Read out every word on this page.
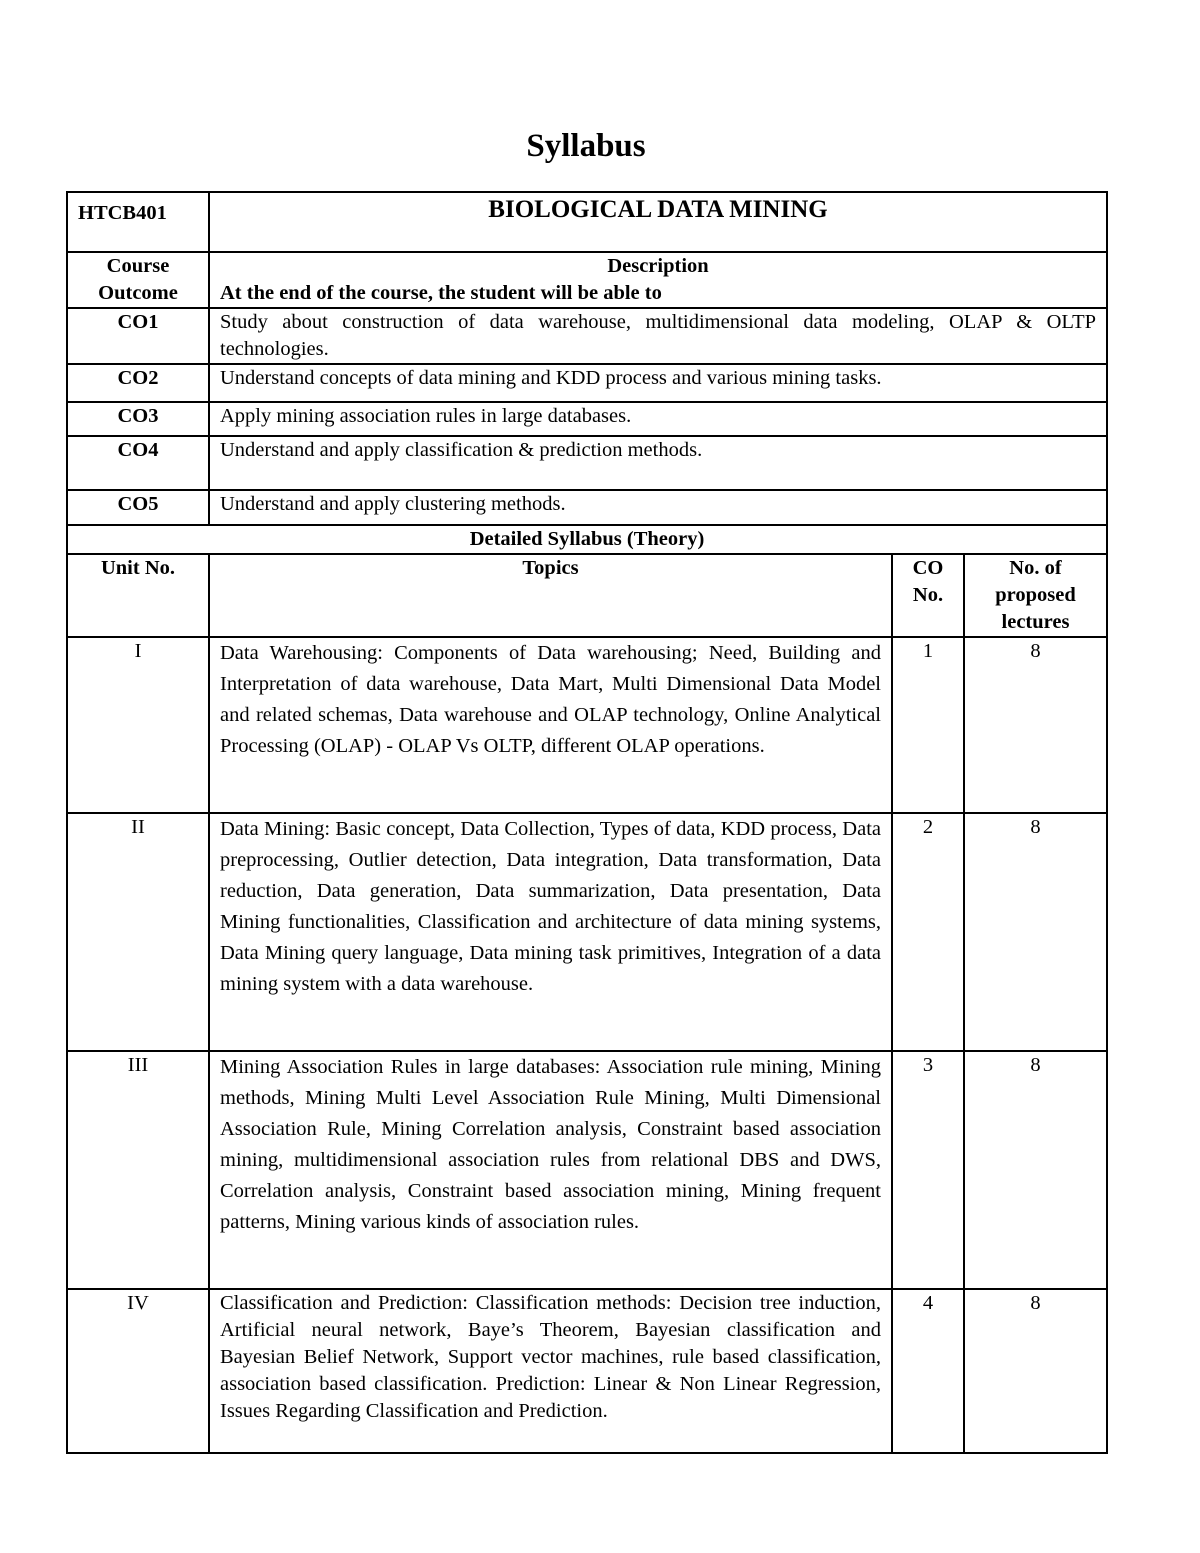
Syllabus
HTCB401	BIOLOGICAL DATA MINING		
Course Outcome	Description
At the end of the course, the student will be able to		

CO1	Study about construction of data warehouse, multidimensional data modeling, OLAP & OLTP technologies.		
CO2	Understand concepts of data mining and KDD process and various mining tasks.		
CO3	Apply mining association rules in large databases.		
CO4	Understand and apply classification & prediction methods.		
CO5	Understand and apply clustering methods.		
Detailed Syllabus (Theory)			
Unit No.	Topics	CO No.	No. of proposed lectures
I	Data Warehousing: Components of Data warehousing; Need, Building and Interpretation of data warehouse, Data Mart, Multi Dimensional Data Model and related schemas, Data warehouse and OLAP technology, Online Analytical Processing (OLAP) - OLAP Vs OLTP, different OLAP operations.	1	8
II	Data Mining: Basic concept, Data Collection, Types of data, KDD process, Data preprocessing, Outlier detection, Data integration, Data transformation, Data reduction, Data generation, Data summarization, Data presentation, Data Mining functionalities, Classification and architecture of data mining systems, Data Mining query language, Data mining task primitives, Integration of a data mining system with a data warehouse.	2	8
III	Mining Association Rules in large databases: Association rule mining, Mining methods, Mining Multi Level Association Rule Mining, Multi Dimensional Association Rule, Mining Correlation analysis, Constraint based association mining, multidimensional association rules from relational DBS and DWS, Correlation analysis, Constraint based association mining, Mining frequent patterns, Mining various kinds of association rules.	3	8
IV	Classification and Prediction: Classification methods: Decision tree induction, Artificial neural network, Baye’s Theorem, Bayesian classification and Bayesian Belief Network, Support vector machines, rule based classification, association based classification. Prediction: Linear & Non Linear Regression, Issues Regarding Classification and Prediction.	4	8
